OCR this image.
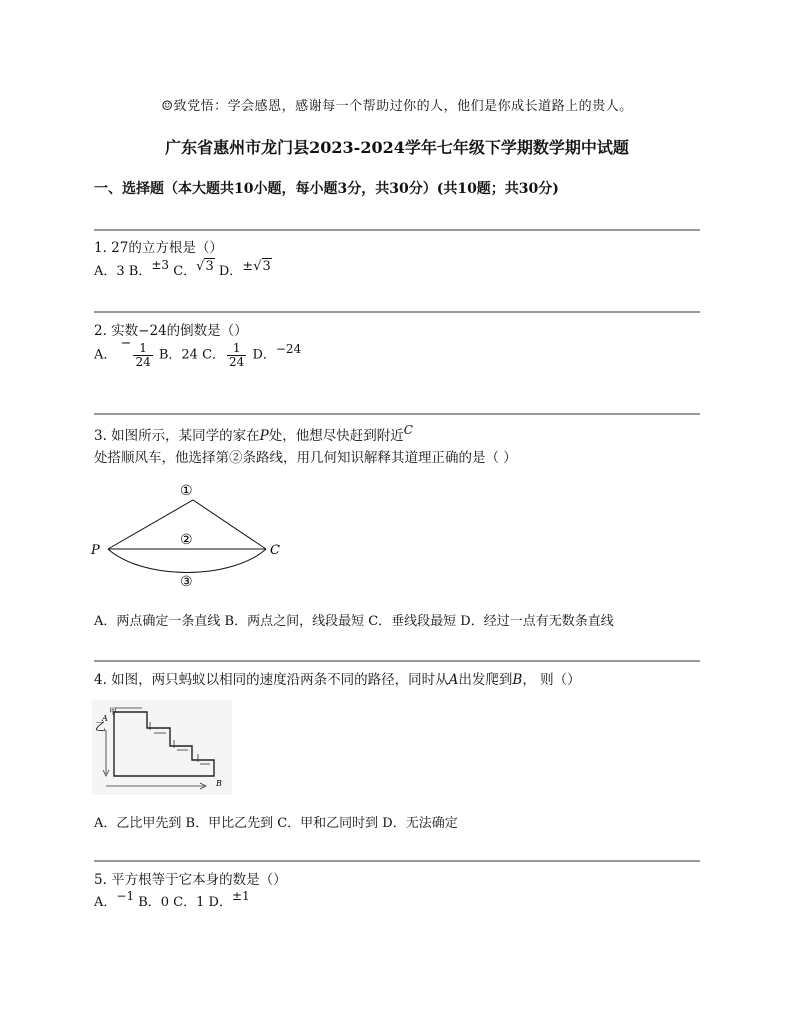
☺致党悟：学会感恩，感谢每一个帮助过你的人，他们是你成长道路上的贵人。
广东省惠州市龙门县2023-2024学年七年级下学期数学期中试题
一、选择题（本大题共10小题，每小题3分，共30分）(共10题；共30分)
1. 27的立方根是（）
A．3 B．±3 C．√3 D．±√3
2. 实数−24的倒数是（）
A． − $\frac{1}{24}$ B．24 C． $\frac{1}{24}$ D．−24
3. 如图所示，某同学的家在P处，他想尽快赶到附近C
处搭顺风车，他选择第②条路线，用几何知识解释其道理正确的是（ ）
P	C
①
②
③
A．两点确定一条直线 B．两点之间，线段最短 C．垂线段最短 D．经过一点有无数条直线
4. 如图，两只蚂蚁以相同的速度沿两条不同的路径，同时从A出发爬到B， 则（）
甲
乙
A
B
A．乙比甲先到 B．甲比乙先到 C．甲和乙同时到 D．无法确定
5. 平方根等于它本身的数是（）
A．−1 B．0 C．1 D．±1
